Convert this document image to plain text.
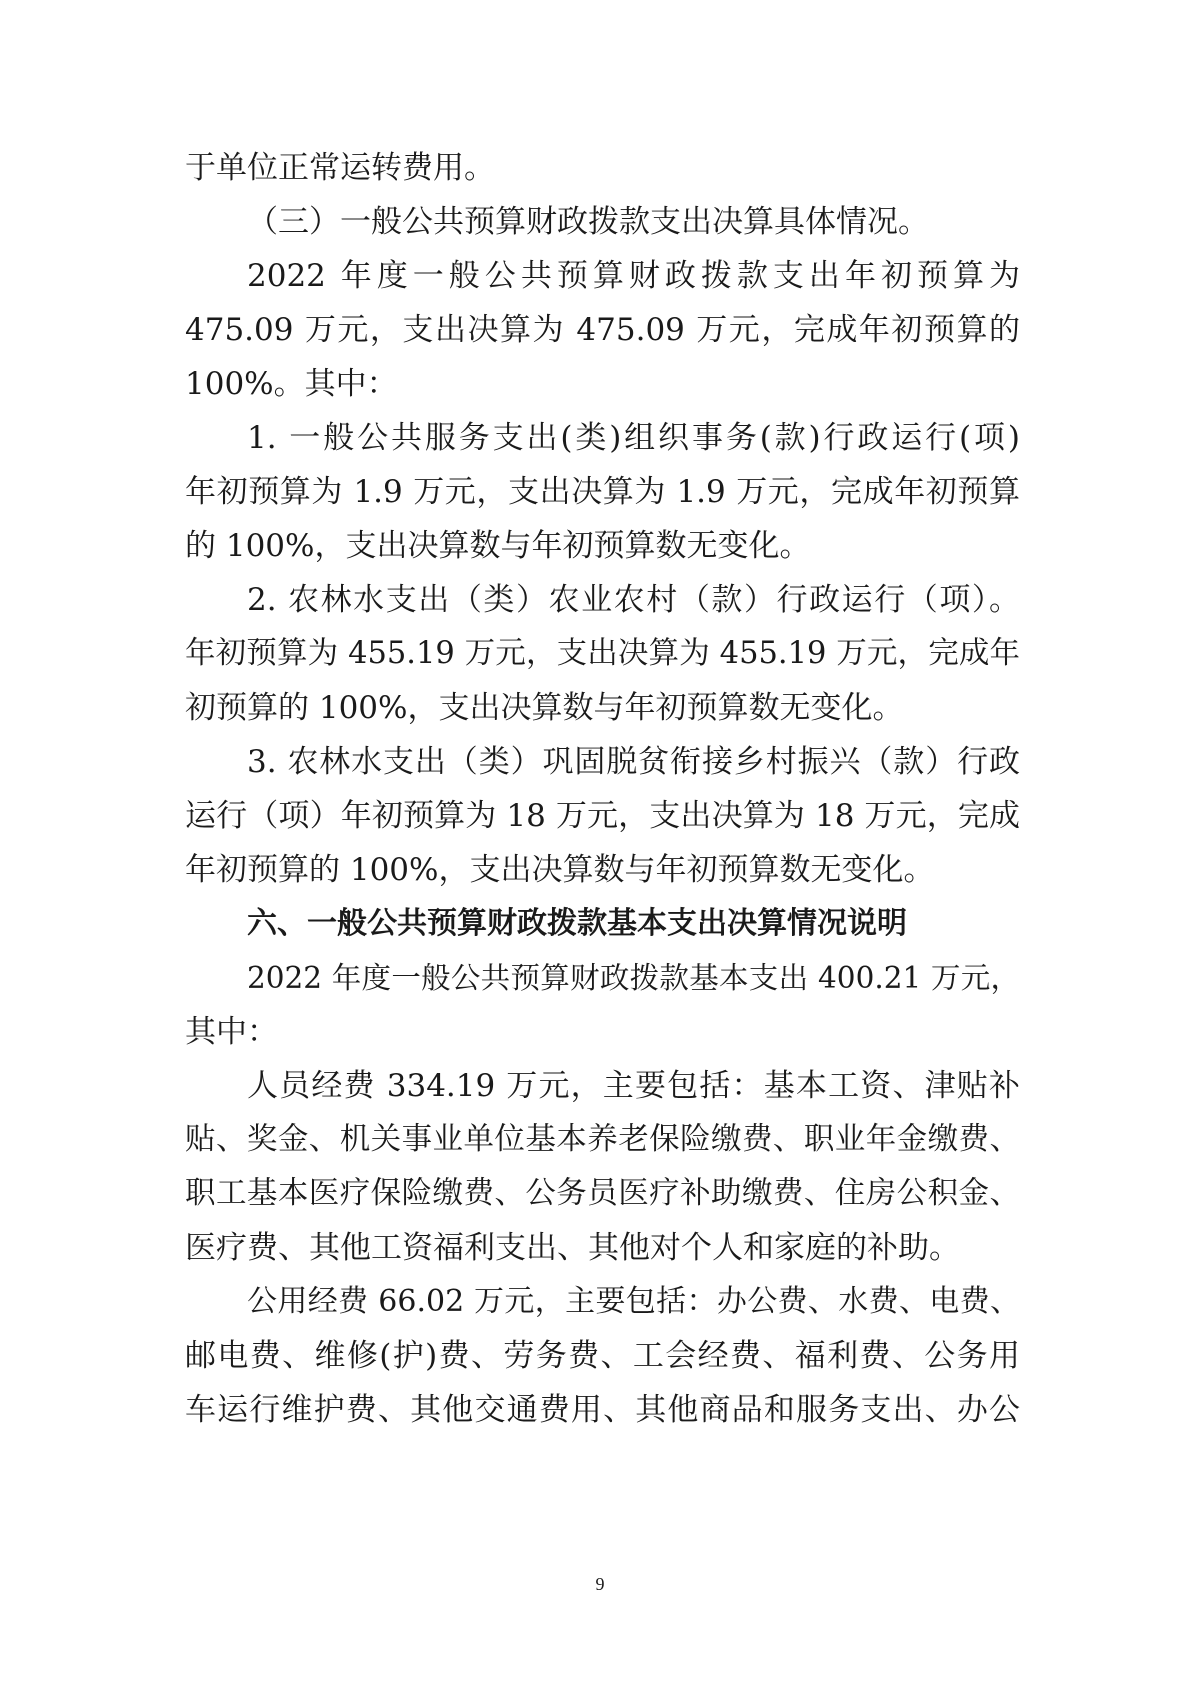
于单位正常运转费用。
（三）一般公共预算财政拨款支出决算具体情况。
2022 年度一般公共预算财政拨款支出年初预算为
475.09 万元，支出决算为 475.09 万元，完成年初预算的
100%。其中：
1. 一般公共服务支出(类)组织事务(款)行政运行(项)
年初预算为 1.9 万元，支出决算为 1.9 万元，完成年初预算
的 100%，支出决算数与年初预算数无变化。
2. 农林水支出（类）农业农村（款）行政运行（项）。
年初预算为 455.19 万元，支出决算为 455.19 万元，完成年
初预算的 100%，支出决算数与年初预算数无变化。
3. 农林水支出（类）巩固脱贫衔接乡村振兴（款）行政
运行（项）年初预算为 18 万元，支出决算为 18 万元，完成
年初预算的 100%，支出决算数与年初预算数无变化。
六、一般公共预算财政拨款基本支出决算情况说明
2022 年度一般公共预算财政拨款基本支出 400.21 万元，
其中：
人员经费 334.19 万元，主要包括：基本工资、津贴补
贴、奖金、机关事业单位基本养老保险缴费、职业年金缴费、
职工基本医疗保险缴费、公务员医疗补助缴费、住房公积金、
医疗费、其他工资福利支出、其他对个人和家庭的补助。
公用经费 66.02 万元，主要包括：办公费、水费、电费、
邮电费、维修(护)费、劳务费、工会经费、福利费、公务用
车运行维护费、其他交通费用、其他商品和服务支出、办公
9
